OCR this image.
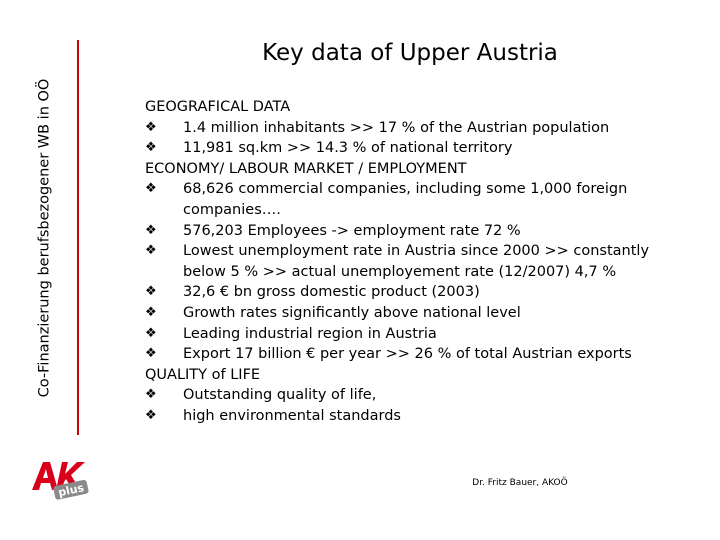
Co-Finanzierung berufsbezogener WB in OÖ
Key data of Upper Austria
GEOGRAFICAL DATA
❖ 1.4 million inhabitants >> 17 % of the Austrian population
❖ 11,981 sq.km >> 14.3 % of national territory
ECONOMY/ LABOUR MARKET / EMPLOYMENT
❖ 68,626 commercial companies, including some 1,000 foreign companies….
❖ 576,203 Employees -> employment rate 72 %
❖ Lowest unemployment rate in Austria since 2000 >> constantly below 5 % >> actual unemployement rate (12/2007) 4,7 %
❖ 32,6 € bn gross domestic product (2003)
❖ Growth rates significantly above national level
❖ Leading industrial region in Austria
❖ Export 17 billion € per year >> 26 % of total Austrian exports
QUALITY of LIFE
❖ Outstanding quality of life,
❖ high environmental standards
plus	Dr. Fritz Bauer, AKOÖ
